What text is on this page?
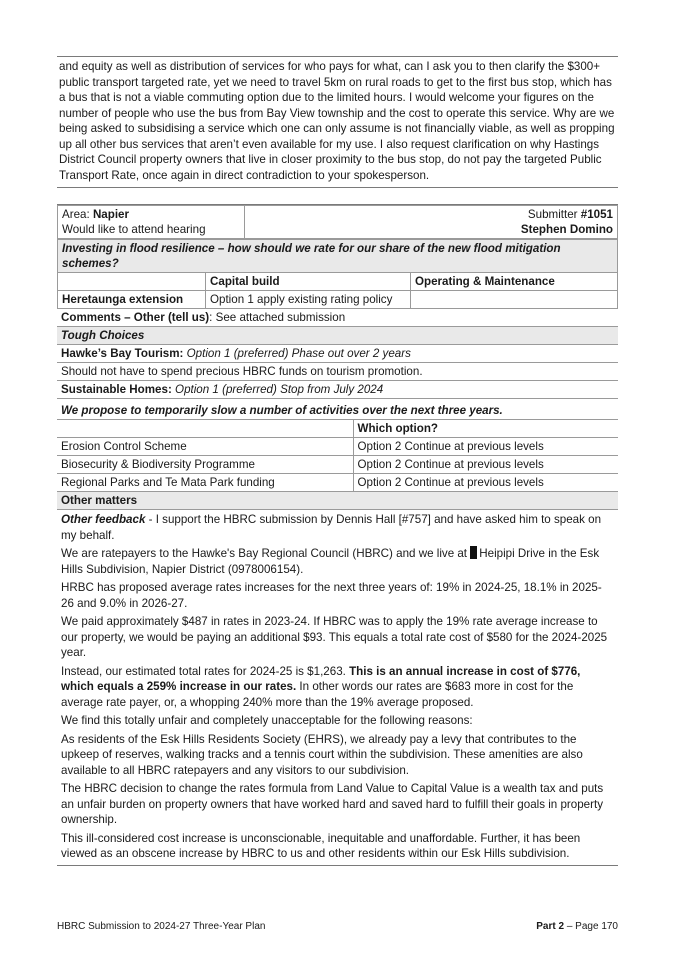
and equity as well as distribution of services for who pays for what, can I ask you to then clarify the $300+ public transport targeted rate, yet we need to travel 5km on rural roads to get to the first bus stop, which has a bus that is not a viable commuting option due to the limited hours. I would welcome your figures on the number of people who use the bus from Bay View township and the cost to operate this service. Why are we being asked to subsidising a service which one can only assume is not financially viable, as well as propping up all other bus services that aren’t even available for my use. I also request clarification on why Hastings District Council property owners that live in closer proximity to the bus stop, do not pay the targeted Public Transport Rate, once again in direct contradiction to your spokesperson.

Area: Napier
Would like to attend hearing

Submitter #1051
Stephen Domino
Investing in flood resilience – how should we rate for our share of the new flood mitigation schemes?		
	Capital build	Operating & Maintenance
Heretaunga extension	Option 1 apply existing rating policy	
Comments – Other (tell us): See attached submission
Tough Choices
Hawke’s Bay Tourism: Option 1 (preferred) Phase out over 2 years
Should not have to spend precious HBRC funds on tourism promotion.
Sustainable Homes: Option 1 (preferred) Stop from July 2024
We propose to temporarily slow a number of activities over the next three years.	
	Which option?
Erosion Control Scheme	Option 2 Continue at previous levels
Biosecurity & Biodiversity Programme	Option 2 Continue at previous levels
Regional Parks and Te Mata Park funding	Option 2 Continue at previous levels
Other matters

Other feedback - I support the HBRC submission by Dennis Hall [#757] and have asked him to speak on my behalf.

We are ratepayers to the Hawke's Bay Regional Council (HBRC) and we live at Heipipi Drive in the Esk Hills Subdivision, Napier District (0978006154).

HRBC has proposed average rates increases for the next three years of: 19% in 2024-25, 18.1% in 2025-26 and 9.0% in 2026-27.

We paid approximately $487 in rates in 2023-24. If HBRC was to apply the 19% rate average increase to our property, we would be paying an additional $93. This equals a total rate cost of $580 for the 2024-2025 year.

Instead, our estimated total rates for 2024-25 is $1,263. This is an annual increase in cost of $776, which equals a 259% increase in our rates. In other words our rates are $683 more in cost for the average rate payer, or, a whopping 240% more than the 19% average proposed.

We find this totally unfair and completely unacceptable for the following reasons:

As residents of the Esk Hills Residents Society (EHRS), we already pay a levy that contributes to the upkeep of reserves, walking tracks and a tennis court within the subdivision. These amenities are also available to all HBRC ratepayers and any visitors to our subdivision.

The HBRC decision to change the rates formula from Land Value to Capital Value is a wealth tax and puts an unfair burden on property owners that have worked hard and saved hard to fulfill their goals in property ownership.

This ill-considered cost increase is unconscionable, inequitable and unaffordable. Further, it has been viewed as an obscene increase by HBRC to us and other residents within our Esk Hills subdivision.

HBRC Submission to 2024-27 Three-Year Plan	Part 2 – Page 170
